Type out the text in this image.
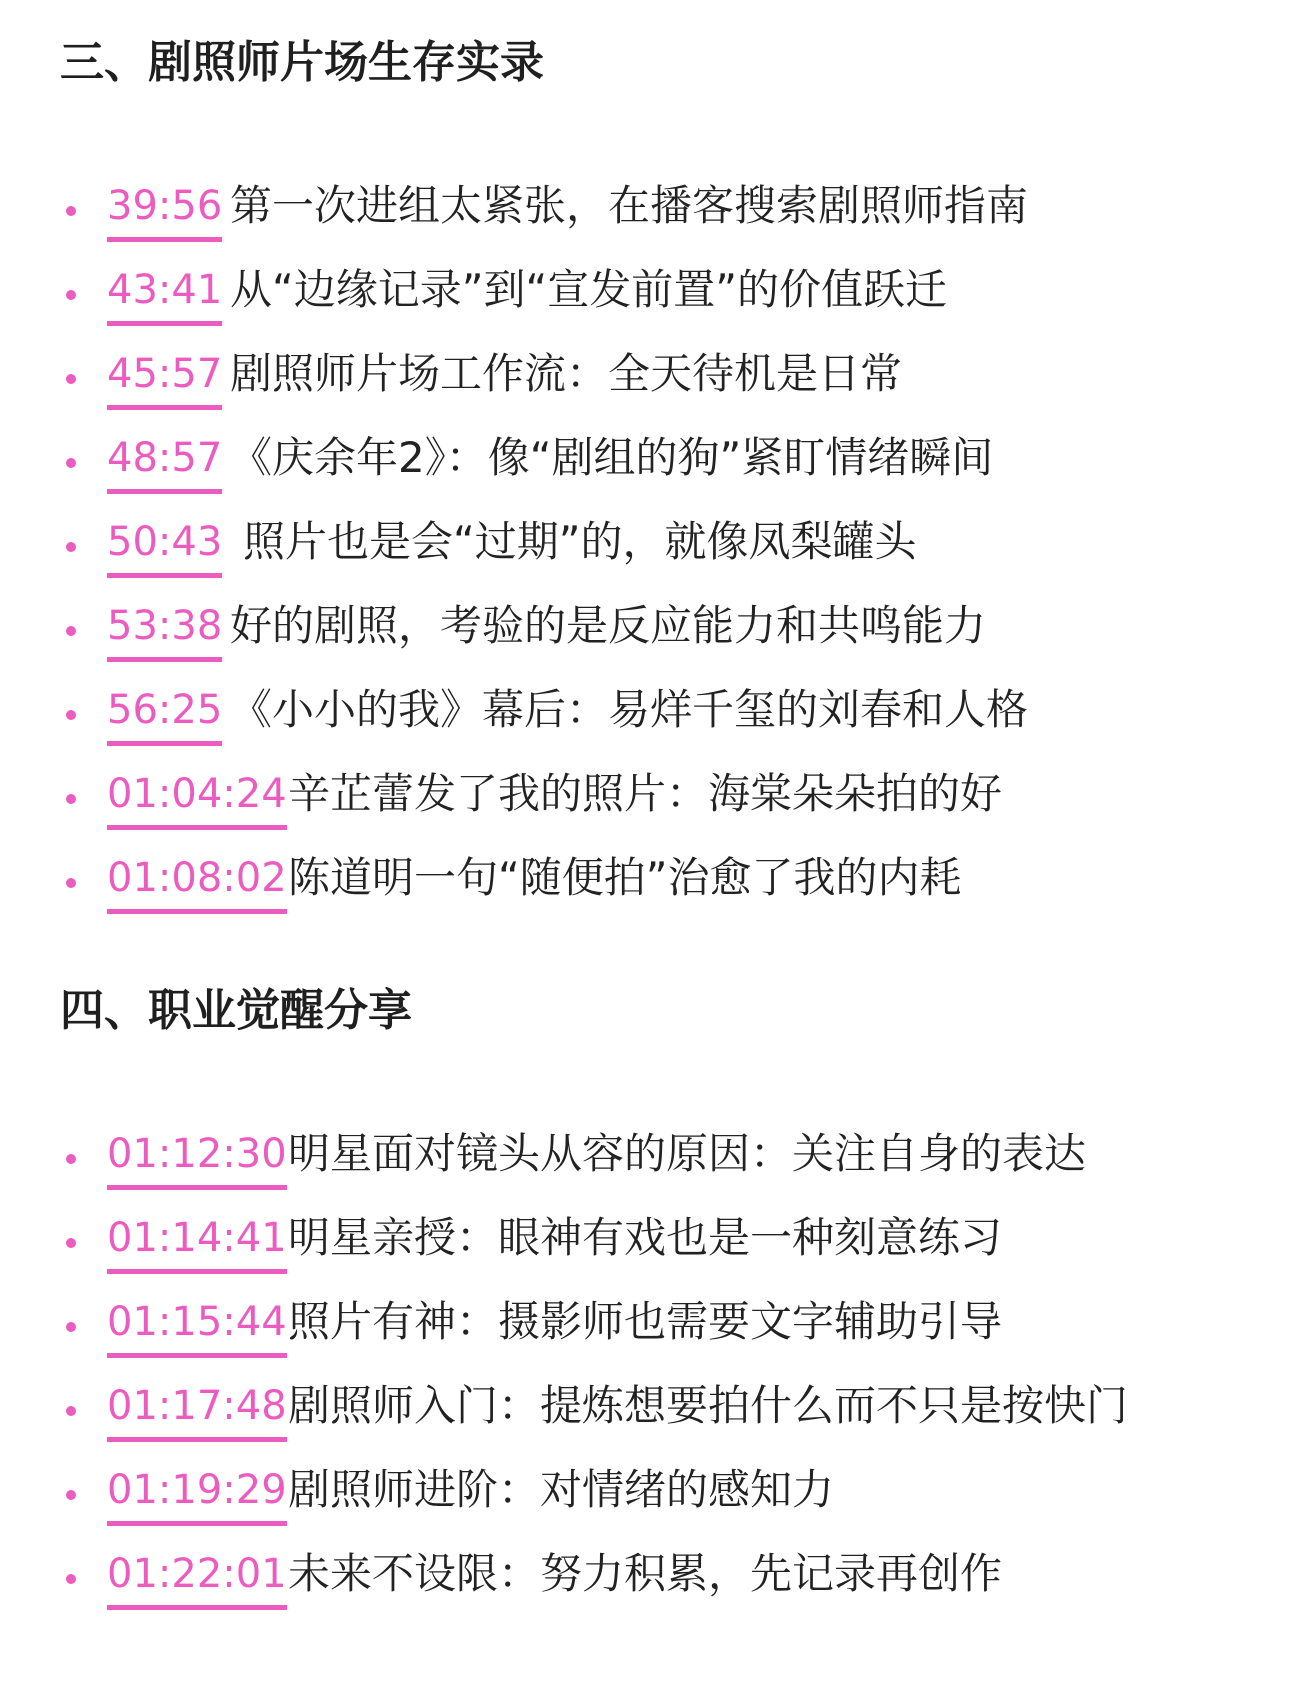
三、剧照师片场生存实录
39:56 第一次进组太紧张，在播客搜索剧照师指南
43:41 从“边缘记录”到“宣发前置”的价值跃迁
45:57 剧照师片场工作流：全天待机是日常
48:57 《庆余年2》：像“剧组的狗”紧盯情绪瞬间
50:43 照片也是会“过期”的，就像凤梨罐头
53:38 好的剧照，考验的是反应能力和共鸣能力
56:25 《小小的我》幕后：易烊千玺的刘春和人格
01:04:24 辛芷蕾发了我的照片：海棠朵朵拍的好
01:08:02 陈道明一句“随便拍”治愈了我的内耗
四、职业觉醒分享
01:12:30 明星面对镜头从容的原因：关注自身的表达
01:14:41 明星亲授：眼神有戏也是一种刻意练习
01:15:44 照片有神：摄影师也需要文字辅助引导
01:17:48 剧照师入门：提炼想要拍什么而不只是按快门
01:19:29 剧照师进阶：对情绪的感知力
01:22:01 未来不设限：努力积累，先记录再创作
